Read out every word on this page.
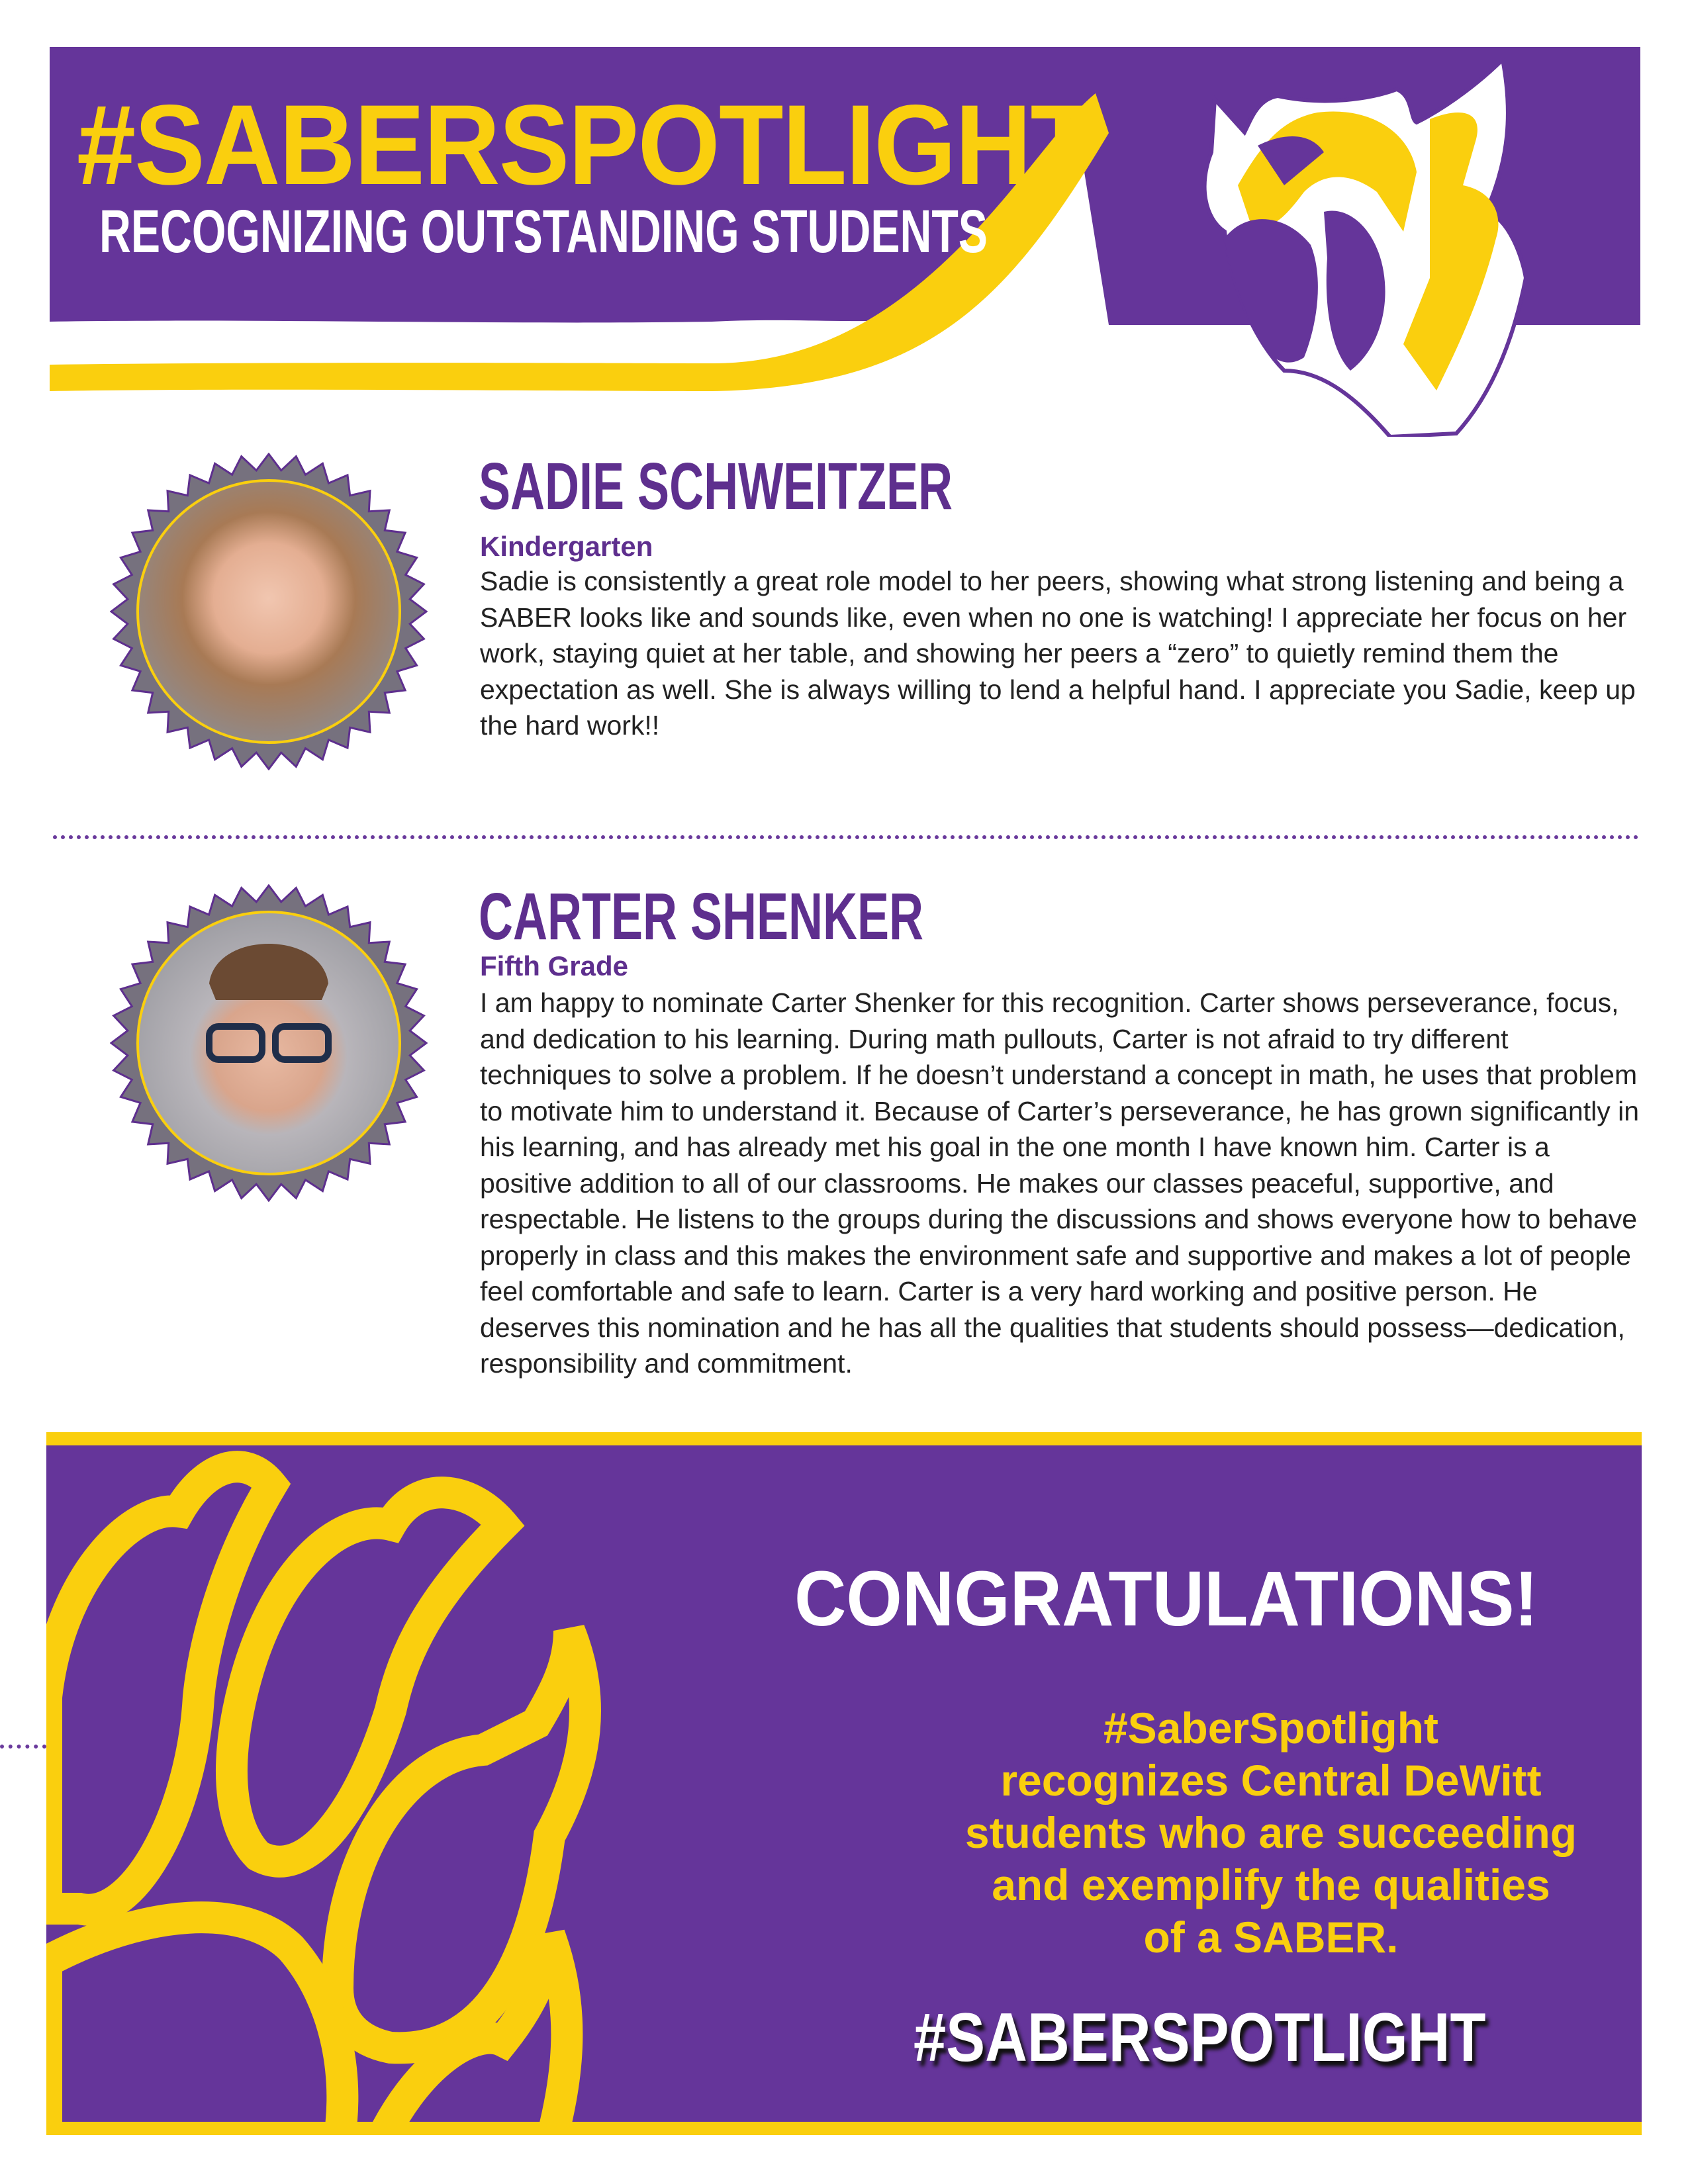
#SABERSPOTLIGHT
RECOGNIZING OUTSTANDING STUDENTS
SADIE SCHWEITZER
Kindergarten
Sadie is consistently a great role model to her peers, showing what strong listening and being a SABER looks like and sounds like, even when no one is watching! I appreciate her focus on her work, staying quiet at her table, and showing her peers a “zero” to quietly remind them the expectation as well. She is always willing to lend a helpful hand. I appreciate you Sadie, keep up the hard work!!
CARTER SHENKER
Fifth Grade
I am happy to nominate Carter Shenker for this recognition. Carter shows perseverance, focus, and dedication to his learning. During math pullouts, Carter is not afraid to try different techniques to solve a problem. If he doesn’t understand a concept in math, he uses that problem to motivate him to understand it. Because of Carter’s perseverance, he has grown significantly in his learning, and has already met his goal in the one month I have known him. Carter is a positive addition to all of our classrooms. He makes our classes peaceful, supportive, and respectable. He listens to the groups during the discussions and shows everyone how to behave properly in class and this makes the environment safe and supportive and makes a lot of people feel comfortable and safe to learn. Carter is a very hard working and positive person. He deserves this nomination and he has all the qualities that students should possess—dedication, responsibility and commitment.
CONGRATULATIONS!
#SaberSpotlight
recognizes Central DeWitt
students who are succeeding
and exemplify the qualities
of a SABER.
#SABERSPOTLIGHT
